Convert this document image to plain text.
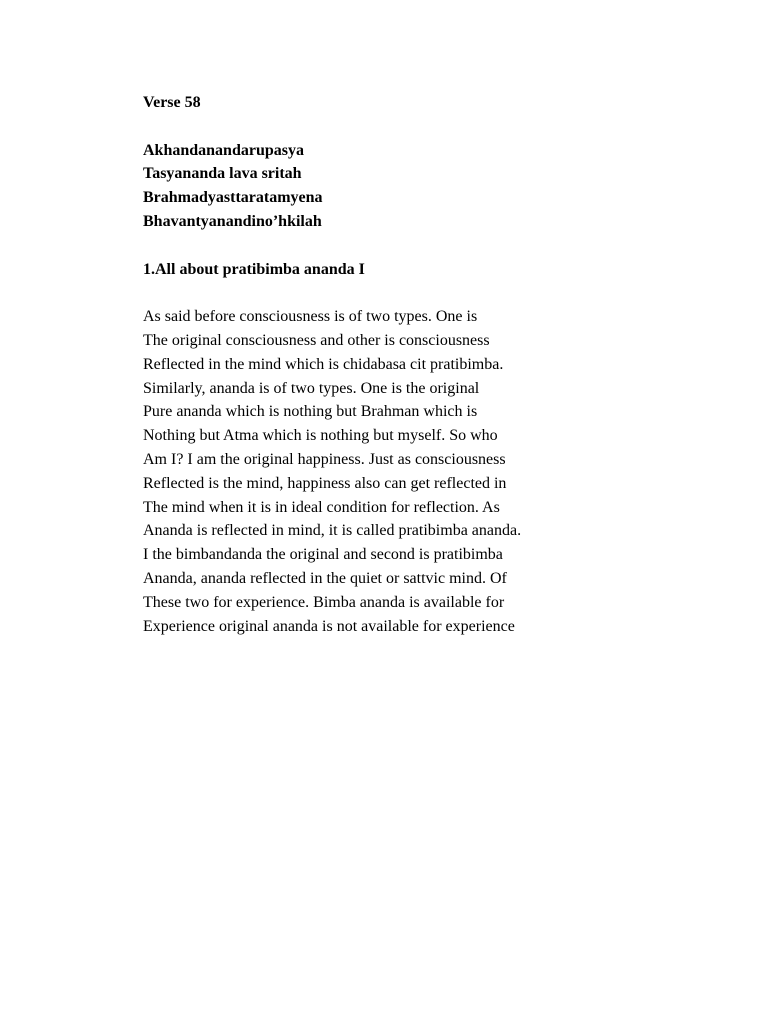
Verse 58
Akhandanandarupasya
Tasyananda lava sritah
Brahmadyasttaratamyena
Bhavantyanandino’hkilah
1.All about pratibimba ananda I
As said before consciousness is of two types. One is
The original consciousness and other is consciousness
Reflected in the mind which is chidabasa cit pratibimba.
Similarly, ananda is of two types. One is the original
Pure ananda which is nothing but Brahman which is
Nothing but Atma which is nothing but myself. So who
Am I? I am the original happiness. Just as consciousness
Reflected is the mind, happiness also can get reflected in
The mind when it is in ideal condition for reflection. As
Ananda is reflected in mind, it is called pratibimba ananda.
I the bimbandanda the original and second is pratibimba
Ananda, ananda reflected in the quiet or sattvic mind. Of
These two for experience. Bimba ananda is available for
Experience original ananda is not available for experience
